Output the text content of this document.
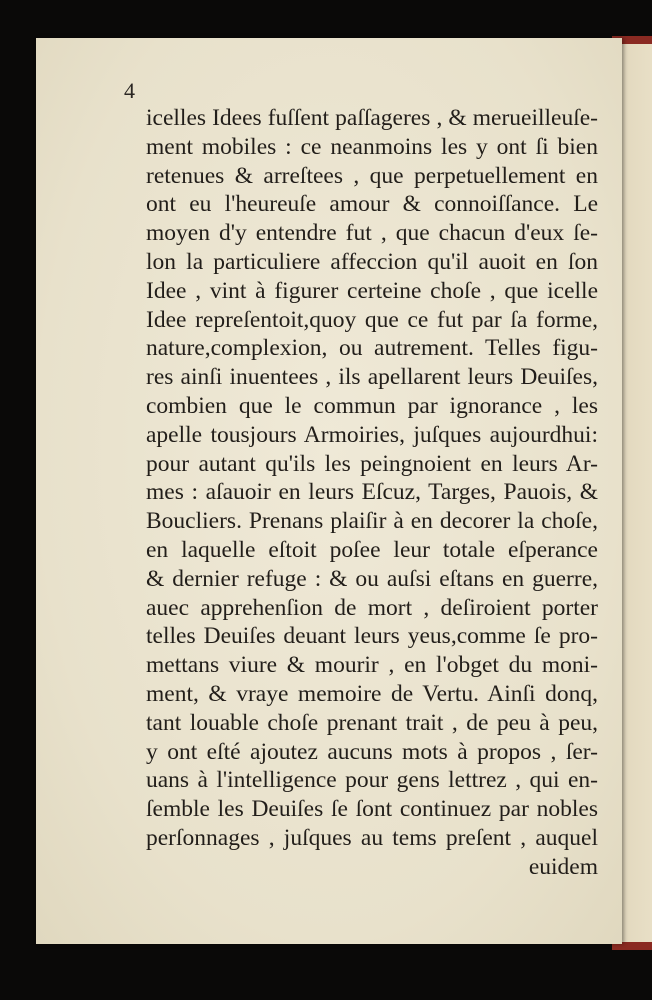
4
icelles Idees fuſſent paſſageres , & merueilleuſe-
ment mobiles : ce neanmoins les y ont ſi bien
retenues & arreſtees , que perpetuellement en
ont eu l'heureuſe amour & connoiſſance. Le
moyen d'y entendre fut , que chacun d'eux ſe-
lon la particuliere affeccion qu'il auoit en ſon
Idee , vint à figurer certeine choſe , que icelle
Idee repreſentoit,quoy que ce fut par ſa forme,
nature,complexion, ou autrement. Telles figu-
res ainſi inuentees , ils apellarent leurs Deuiſes,
combien que le commun par ignorance , les
apelle tousjours Armoiries, juſques aujourdhui:
pour autant qu'ils les peingnoient en leurs Ar-
mes : aſauoir en leurs Eſcuz, Targes, Pauois, &
Boucliers. Prenans plaiſir à en decorer la choſe,
en laquelle eſtoit poſee leur totale eſperance
& dernier refuge : & ou auſsi eſtans en guerre,
auec apprehenſion de mort , deſiroient porter
telles Deuiſes deuant leurs yeus,comme ſe pro-
mettans viure & mourir , en l'obget du moni-
ment, & vraye memoire de Vertu. Ainſi donq,
tant louable choſe prenant trait , de peu à peu,
y ont eſté ajoutez aucuns mots à propos , ſer-
uans à l'intelligence pour gens lettrez , qui en-
ſemble les Deuiſes ſe ſont continuez par nobles
perſonnages , juſques au tems preſent , auquel
euidem
